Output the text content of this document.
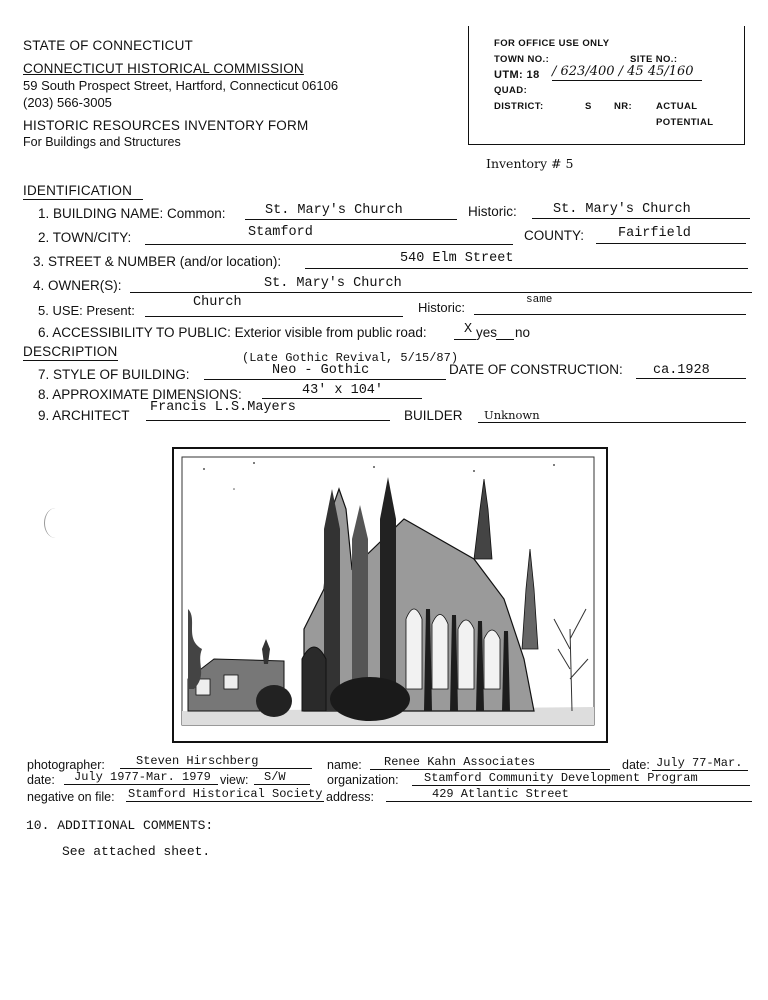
STATE OF CONNECTICUT
CONNECTICUT HISTORICAL COMMISSION
59 South Prospect Street, Hartford, Connecticut 06106
(203) 566-3005
HISTORIC RESOURCES INVENTORY FORM
For Buildings and Structures
FOR OFFICE USE ONLY
TOWN NO.:	SITE NO.:
UTM: 18 / 623/400 / 45 45/160
QUAD:
DISTRICT:	S NR:	ACTUAL
POTENTIAL
Inventory # 5
IDENTIFICATION
1. BUILDING NAME: Common:	St. Mary's Church	Historic:	St. Mary's Church
2. TOWN/CITY:	Stamford	COUNTY:	Fairfield
3. STREET & NUMBER (and/or location):	540 Elm Street
4. OWNER(S):	St. Mary's Church
5. USE: Present:
Church	Historic:	same
6. ACCESSIBILITY TO PUBLIC: Exterior visible from public road:	X yes no
DESCRIPTION	(Late Gothic Revival, 5/15/87)
7. STYLE OF BUILDING:	Neo - Gothic	DATE OF CONSTRUCTION: ca.1928
8. APPROXIMATE DIMENSIONS:	43' x 104'
9. ARCHITECT
Francis L.S.Mayers
BUILDER Unknown
photographer:	Steven Hirschberg	name: Renee Kahn Associates	date: July 77-Mar.
date: July 1977-Mar. 1979 view: S/W	organization: Stamford Community Development Program
negative on file: Stamford Historical Society address:	429 Atlantic Street
10. ADDITIONAL COMMENTS:
See attached sheet.
